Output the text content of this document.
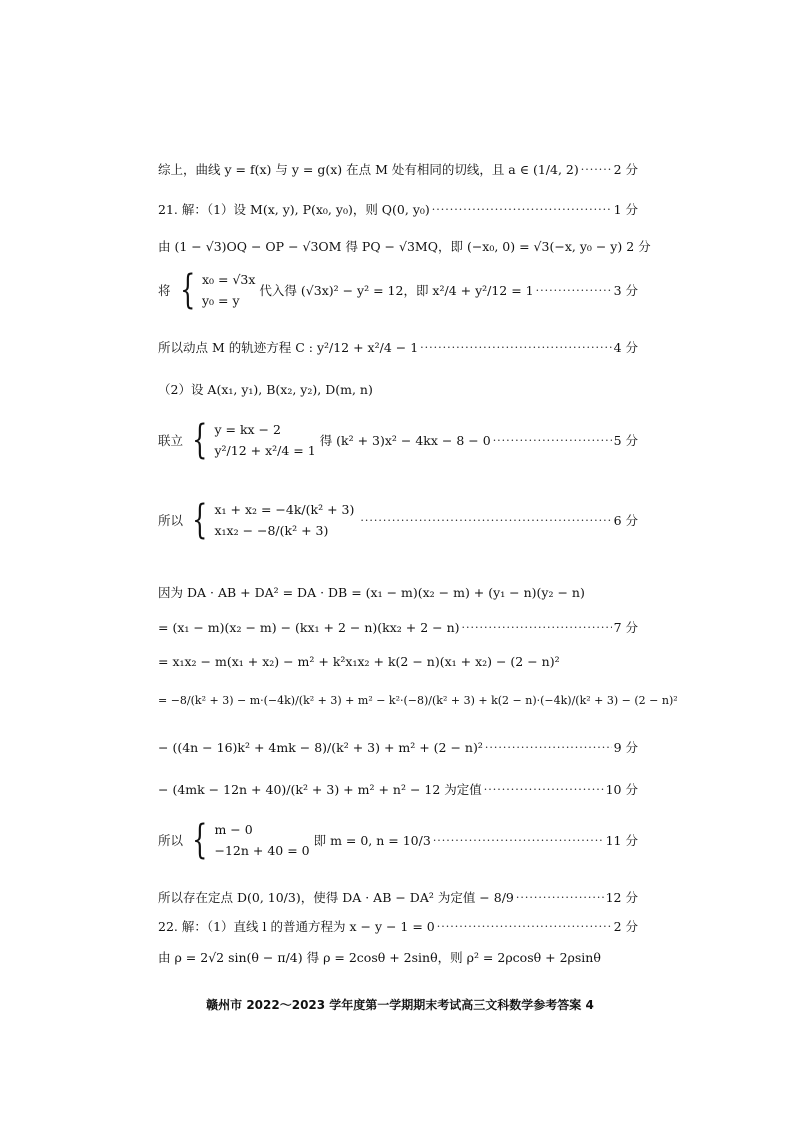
综上，曲线 y = f(x) 与 y = g(x) 在点 M 处有相同的切线，且 a ∈ (1/4, 2) ·····	2 分
21. 解：（1）设 M(x, y), P(x₀, y₀)，则 Q(0, y₀) ·····	1 分
由 (1 − √3)OQ − OP − √3OM 得 PQ − √3MQ，即 (−x₀, 0) = √3(−x, y₀ − y) 2 分
将 { x₀ = √3x
y₀ = y
代入得 (√3x)² − y² = 12，即 x²/4 + y²/12 = 1 ·····	3 分
所以动点 M 的轨迹方程 C : y²/12 + x²/4 − 1 ·····	4 分
（2）设 A(x₁, y₁), B(x₂, y₂), D(m, n)
联立 { y = kx − 2
y²/12 + x²/4 = 1
得 (k² + 3)x² − 4kx − 8 − 0 ·····	5 分
所以 { x₁ + x₂ = −4k/(k² + 3)
x₁x₂ − −8/(k² + 3)
·····
6 分
因为 DA · AB + DA² = DA · DB = (x₁ − m)(x₂ − m) + (y₁ − n)(y₂ − n)
= (x₁ − m)(x₂ − m) − (kx₁ + 2 − n)(kx₂ + 2 − n) ·····	7 分
= x₁x₂ − m(x₁ + x₂) − m² + k²x₁x₂ + k(2 − n)(x₁ + x₂) − (2 − n)²
= −8/(k² + 3) − m·(−4k)/(k² + 3) + m² − k²·(−8)/(k² + 3) + k(2 − n)·(−4k)/(k² + 3) − (2 − n)²
− ((4n − 16)k² + 4mk − 8)/(k² + 3) + m² + (2 − n)² ·····	9 分
− (4mk − 12n + 40)/(k² + 3) + m² + n² − 12 为定值 ·····	10 分
所以 { m − 0
−12n + 40 = 0
即 m = 0, n = 10/3 ·····	11 分
所以存在定点 D(0, 10/3)，使得 DA · AB − DA² 为定值 − 8/9 ·····	12 分
22. 解：（1）直线 l 的普通方程为 x − y − 1 = 0 ·····	2 分
由 ρ = 2√2 sin(θ − π/4) 得 ρ = 2cosθ + 2sinθ，则 ρ² = 2ρcosθ + 2ρsinθ
赣州市 2022～2023 学年度第一学期期末考试高三文科数学参考答案 4
